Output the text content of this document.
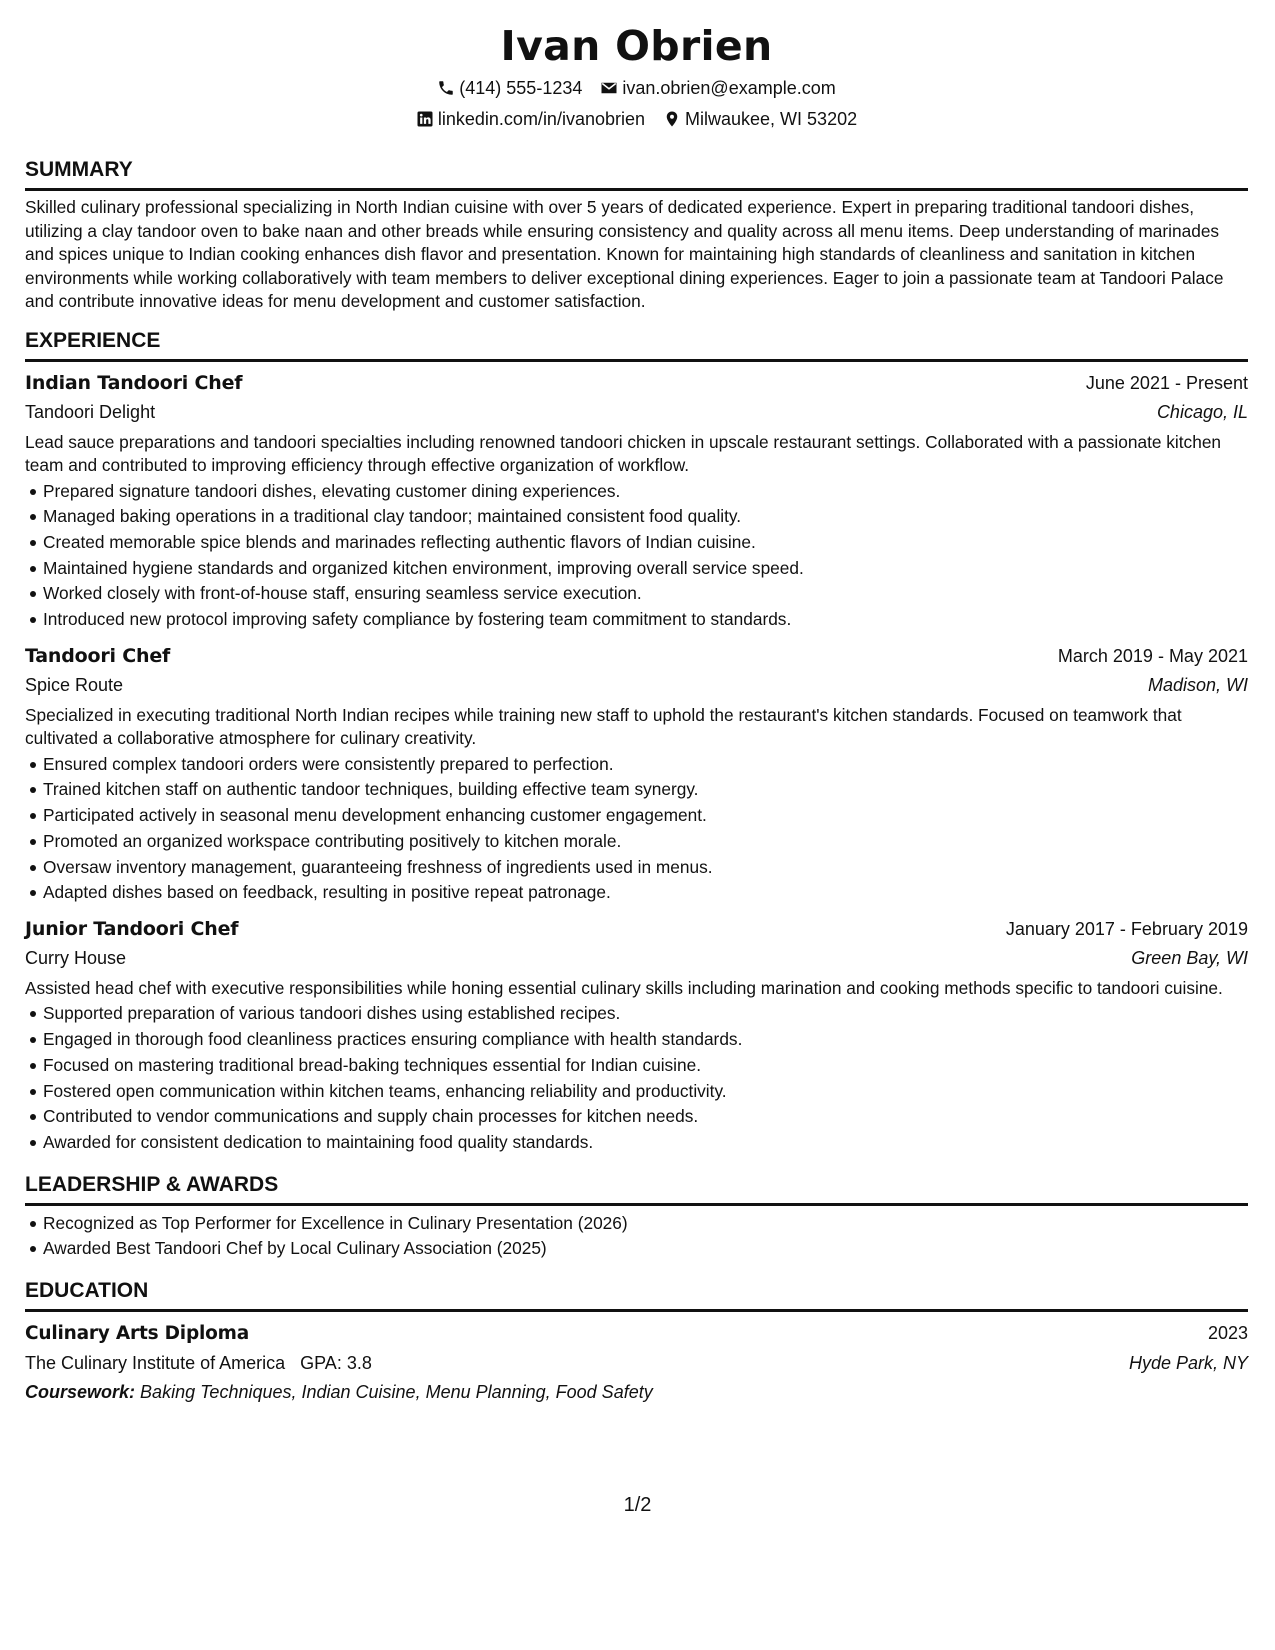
Ivan Obrien
(414) 555-1234 ivan.obrien@example.com
linkedin.com/in/ivanobrien Milwaukee, WI 53202
SUMMARY

Skilled culinary professional specializing in North Indian cuisine with over 5 years of dedicated experience. Expert in preparing traditional tandoori dishes, utilizing a clay tandoor oven to bake naan and other breads while ensuring consistency and quality across all menu items. Deep understanding of marinades and spices unique to Indian cooking enhances dish flavor and presentation. Known for maintaining high standards of cleanliness and sanitation in kitchen environments while working collaboratively with team members to deliver exceptional dining experiences. Eager to join a passionate team at Tandoori Palace and contribute innovative ideas for menu development and customer satisfaction.

EXPERIENCE
Indian Tandoori Chef	June 2021 - Present
Tandoori Delight	Chicago, IL

Lead sauce preparations and tandoori specialties including renowned tandoori chicken in upscale restaurant settings. Collaborated with a passionate kitchen team and contributed to improving efficiency through effective organization of workflow.

Prepared signature tandoori dishes, elevating customer dining experiences.
Managed baking operations in a traditional clay tandoor; maintained consistent food quality.
Created memorable spice blends and marinades reflecting authentic flavors of Indian cuisine.
Maintained hygiene standards and organized kitchen environment, improving overall service speed.
Worked closely with front-of-house staff, ensuring seamless service execution.
Introduced new protocol improving safety compliance by fostering team commitment to standards.
Tandoori Chef	March 2019 - May 2021
Spice Route	Madison, WI

Specialized in executing traditional North Indian recipes while training new staff to uphold the restaurant's kitchen standards. Focused on teamwork that cultivated a collaborative atmosphere for culinary creativity.

Ensured complex tandoori orders were consistently prepared to perfection.
Trained kitchen staff on authentic tandoor techniques, building effective team synergy.
Participated actively in seasonal menu development enhancing customer engagement.
Promoted an organized workspace contributing positively to kitchen morale.
Oversaw inventory management, guaranteeing freshness of ingredients used in menus.
Adapted dishes based on feedback, resulting in positive repeat patronage.
Junior Tandoori Chef	January 2017 - February 2019
Curry House	Green Bay, WI

Assisted head chef with executive responsibilities while honing essential culinary skills including marination and cooking methods specific to tandoori cuisine.

Supported preparation of various tandoori dishes using established recipes.
Engaged in thorough food cleanliness practices ensuring compliance with health standards.
Focused on mastering traditional bread-baking techniques essential for Indian cuisine.
Fostered open communication within kitchen teams, enhancing reliability and productivity.
Contributed to vendor communications and supply chain processes for kitchen needs.
Awarded for consistent dedication to maintaining food quality standards.
LEADERSHIP & AWARDS
Recognized as Top Performer for Excellence in Culinary Presentation (2026)
Awarded Best Tandoori Chef by Local Culinary Association (2025)
EDUCATION
Culinary Arts Diploma	2023
The Culinary Institute of America GPA: 3.8	Hyde Park, NY
Coursework: Baking Techniques, Indian Cuisine, Menu Planning, Food Safety
1/2
